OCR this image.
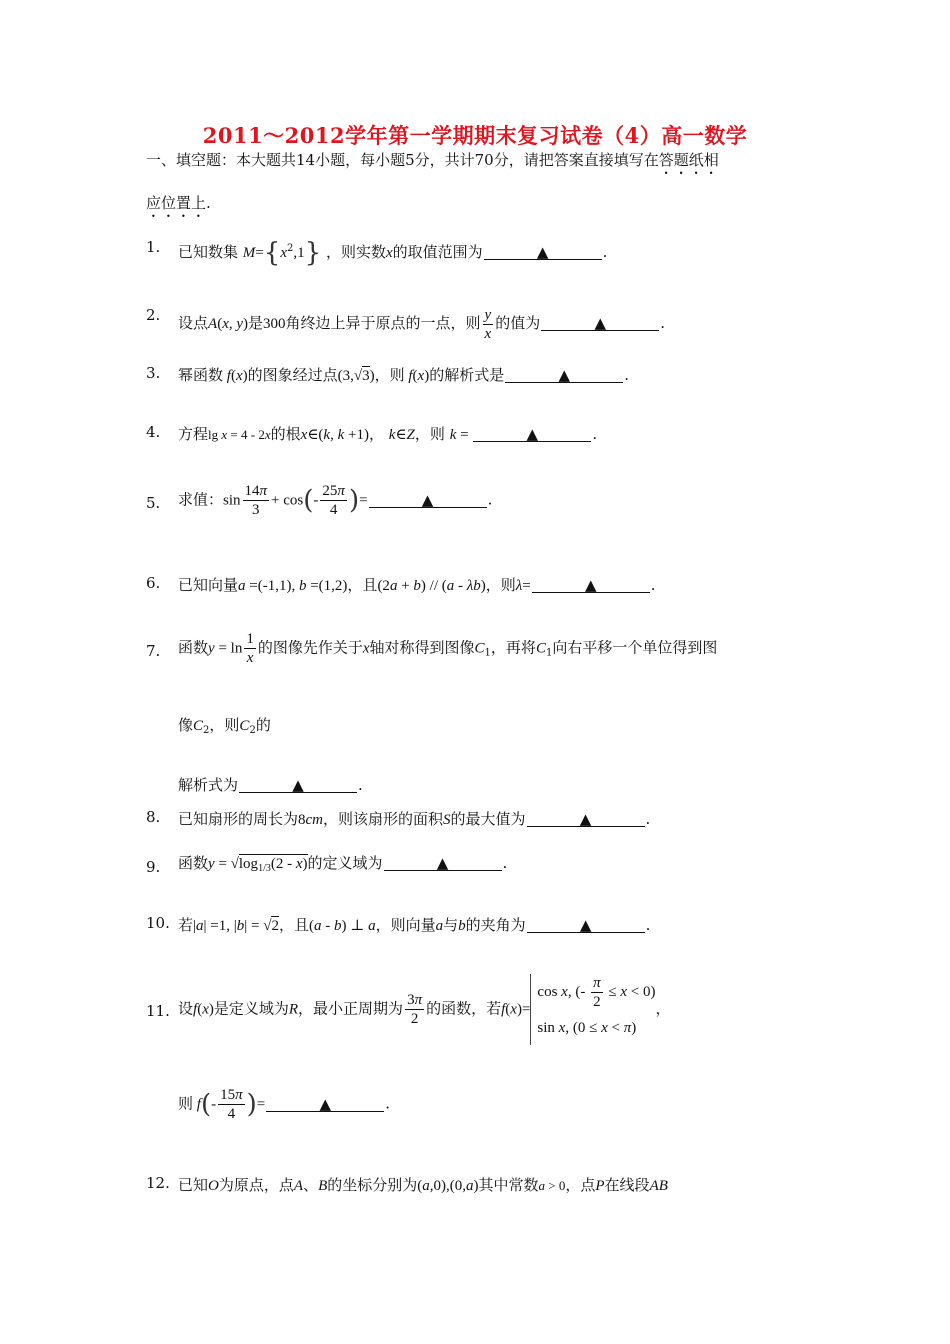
2011～2012学年第一学期期末复习试卷（4）高一数学
一、填空题：本大题共14小题，每小题5分，共计70分，请把答案直接填写在答题纸相
应位置上.
1.	已知数集 $M=\{x^2,1\}$ ，则实数x的取值范围为	▲	.
2.	设点A(x, y)是300角终边上异于原点的一点，则 $\frac{y}{x}$ 的值为	▲	.
3.	幂函数 f(x)的图象经过点(3,√3)，则 f(x)的解析式是	▲	.
4.	方程lg x = 4 - 2x的根x∈(k, k +1)， k∈Z，则 k =	▲	.
5.	求值：$\sin \frac{14\pi}{3} + \cos(- \frac{25\pi}{4}$ )=	▲	.
6.	已知向量a =(-1,1), b =(1,2)，且(2a + b) // (a - λb)，则λ=	▲	.
7.	函数$y = \ln \frac{1}{x}$ 的图像先作关于x轴对称得到图像$C_1$，再将$C_1$向右平移一个单位得到图
像$C_2$，则$C_2$的
解析式为	▲	.
8.	已知扇形的周长为8cm，则该扇形的面积S的最大值为	▲	.
9.	函数$y = √\log_{1/3}(2 - x)$的定义域为	▲	.
10. 若|a| =1, |b| = √2，且(a - b) ⊥ a，则向量a与b的夹角为	▲	.
11. 设f(x)是定义域为R，最小正周期为 $\frac{3\pi}{2}$ 的函数，若f(x)=
cos x, (- $\frac{\pi}{2} \le x < 0$)
sin x, (0 ≤ x < π)
，
则 $f(- \frac{15\pi}{4}$ )=	▲	.
12. 已知O为原点，点A、B的坐标分别为(a,0),(0,a)其中常数a > 0，点P在线段AB
